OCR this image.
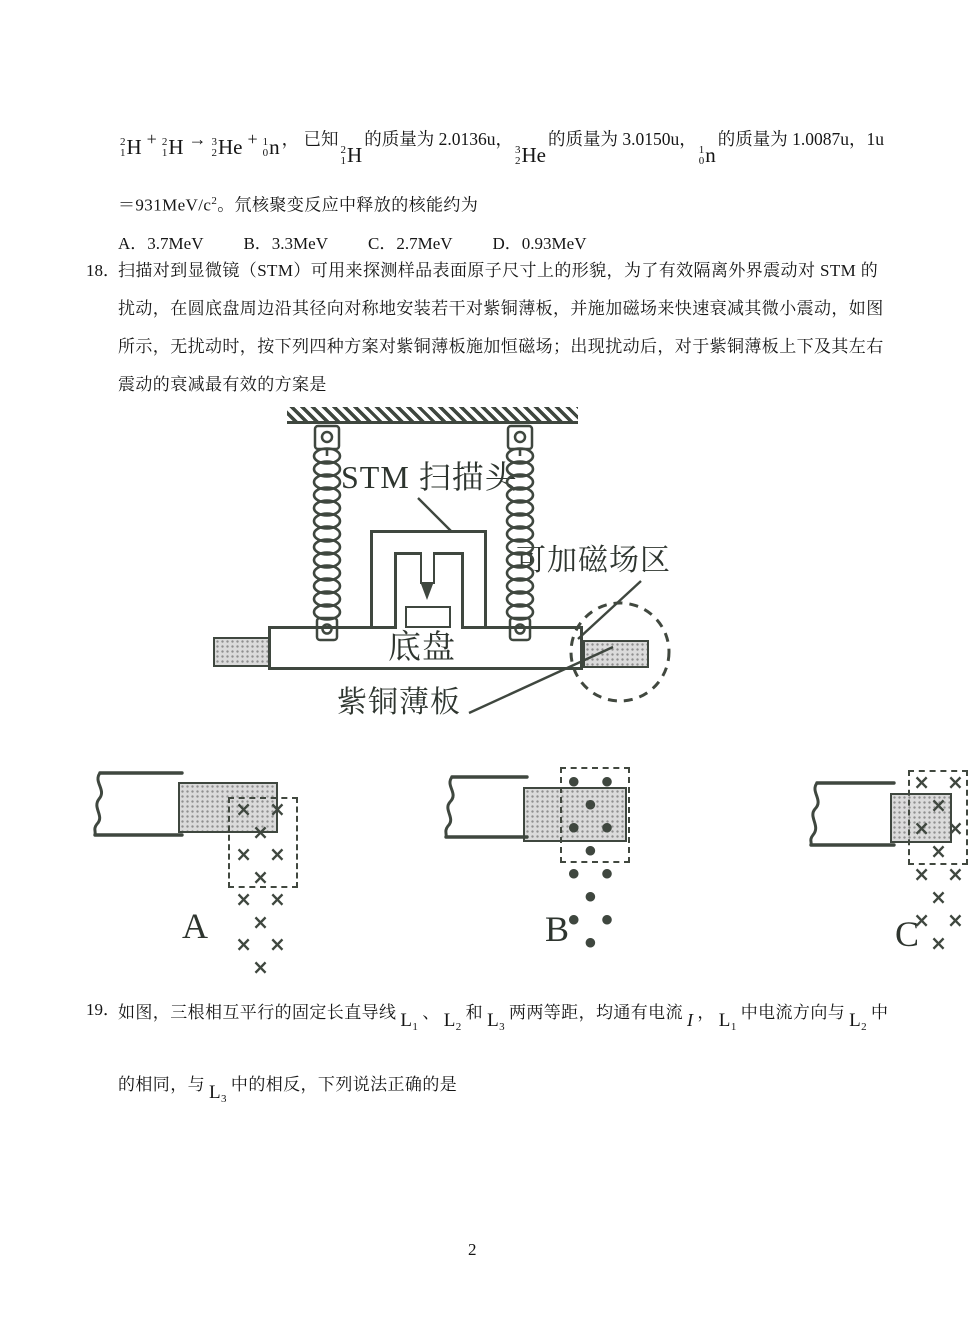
2
1 H + 2
1 H → 3
2 He + 1
0 n ， 已知
2
1 H
的质量为 2.0136u，
3
2 He
的质量为 3.0150u，
1
0 n
的质量为 1.0087u，1u
$=931MeV/c^2$。氘核聚变反应中释放的核能约为
A．3.7MeV B．3.3MeV C．2.7MeV D．0.93MeV
18．
扫描对到显微镜（STM）可用来探测样品表面原子尺寸上的形貌，为了有效隔离外界震动对 STM 的
扰动，在圆底盘周边沿其径向对称地安装若干对紫铜薄板，并施加磁场来快速衰减其微小震动，如图
所示，无扰动时，按下列四种方案对紫铜薄板施加恒磁场；出现扰动后，对于紫铜薄板上下及其左右
震动的衰减最有效的方案是
底盘
STM 扫描头
可加磁场区
紫铜薄板
× × ×
× × ×
× × ×
× × ×
A
● ● ●
● ● ●
● ● ●
● ● ●
B
× × ×
× × ×
× × ×
× × ×
C
19．
如图，三根相互平行的固定长直导线 L 1
、 L 2
和 L 3
两两等距，均通有电流 I ， L 1
中电流方向与 L 2
中
的相同，与 L 3
中的相反，下列说法正确的是
2
